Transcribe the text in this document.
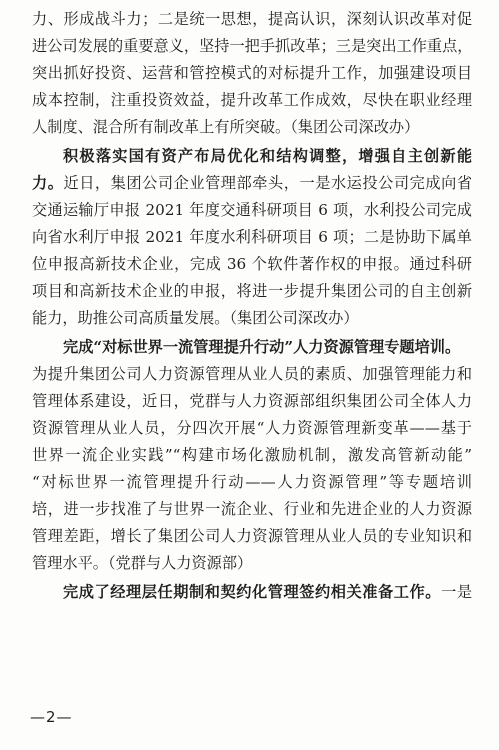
力、形成战斗力；二是统一思想，提高认识，深刻认识改革对促
进公司发展的重要意义，坚持一把手抓改革；三是突出工作重点，
突出抓好投资、运营和管控模式的对标提升工作，加强建设项目
成本控制，注重投资效益，提升改革工作成效，尽快在职业经理
人制度、混合所有制改革上有所突破。（集团公司深改办）
积极落实国有资产布局优化和结构调整，增强自主创新能
力。近日，集团公司企业管理部牵头，一是水运投公司完成向省
交通运输厅申报 2021 年度交通科研项目 6 项，水利投公司完成
向省水利厅申报 2021 年度水利科研项目 6 项；二是协助下属单
位申报高新技术企业，完成 36 个软件著作权的申报。通过科研
项目和高新技术企业的申报，将进一步提升集团公司的自主创新
能力，助推公司高质量发展。（集团公司深改办）
完成“对标世界一流管理提升行动”人力资源管理专题培训。
为提升集团公司人力资源管理从业人员的素质、加强管理能力和
管理体系建设，近日，党群与人力资源部组织集团公司全体人力
资源管理从业人员，分四次开展“人力资源管理新变革——基于
世界一流企业实践”“构建市场化激励机制，激发高管新动能”
“对标世界一流管理提升行动——人力资源管理”等专题培训
培，进一步找准了与世界一流企业、行业和先进企业的人力资源
管理差距，增长了集团公司人力资源管理从业人员的专业知识和
管理水平。（党群与人力资源部）
完成了经理层任期制和契约化管理签约相关准备工作。一是
—2—
